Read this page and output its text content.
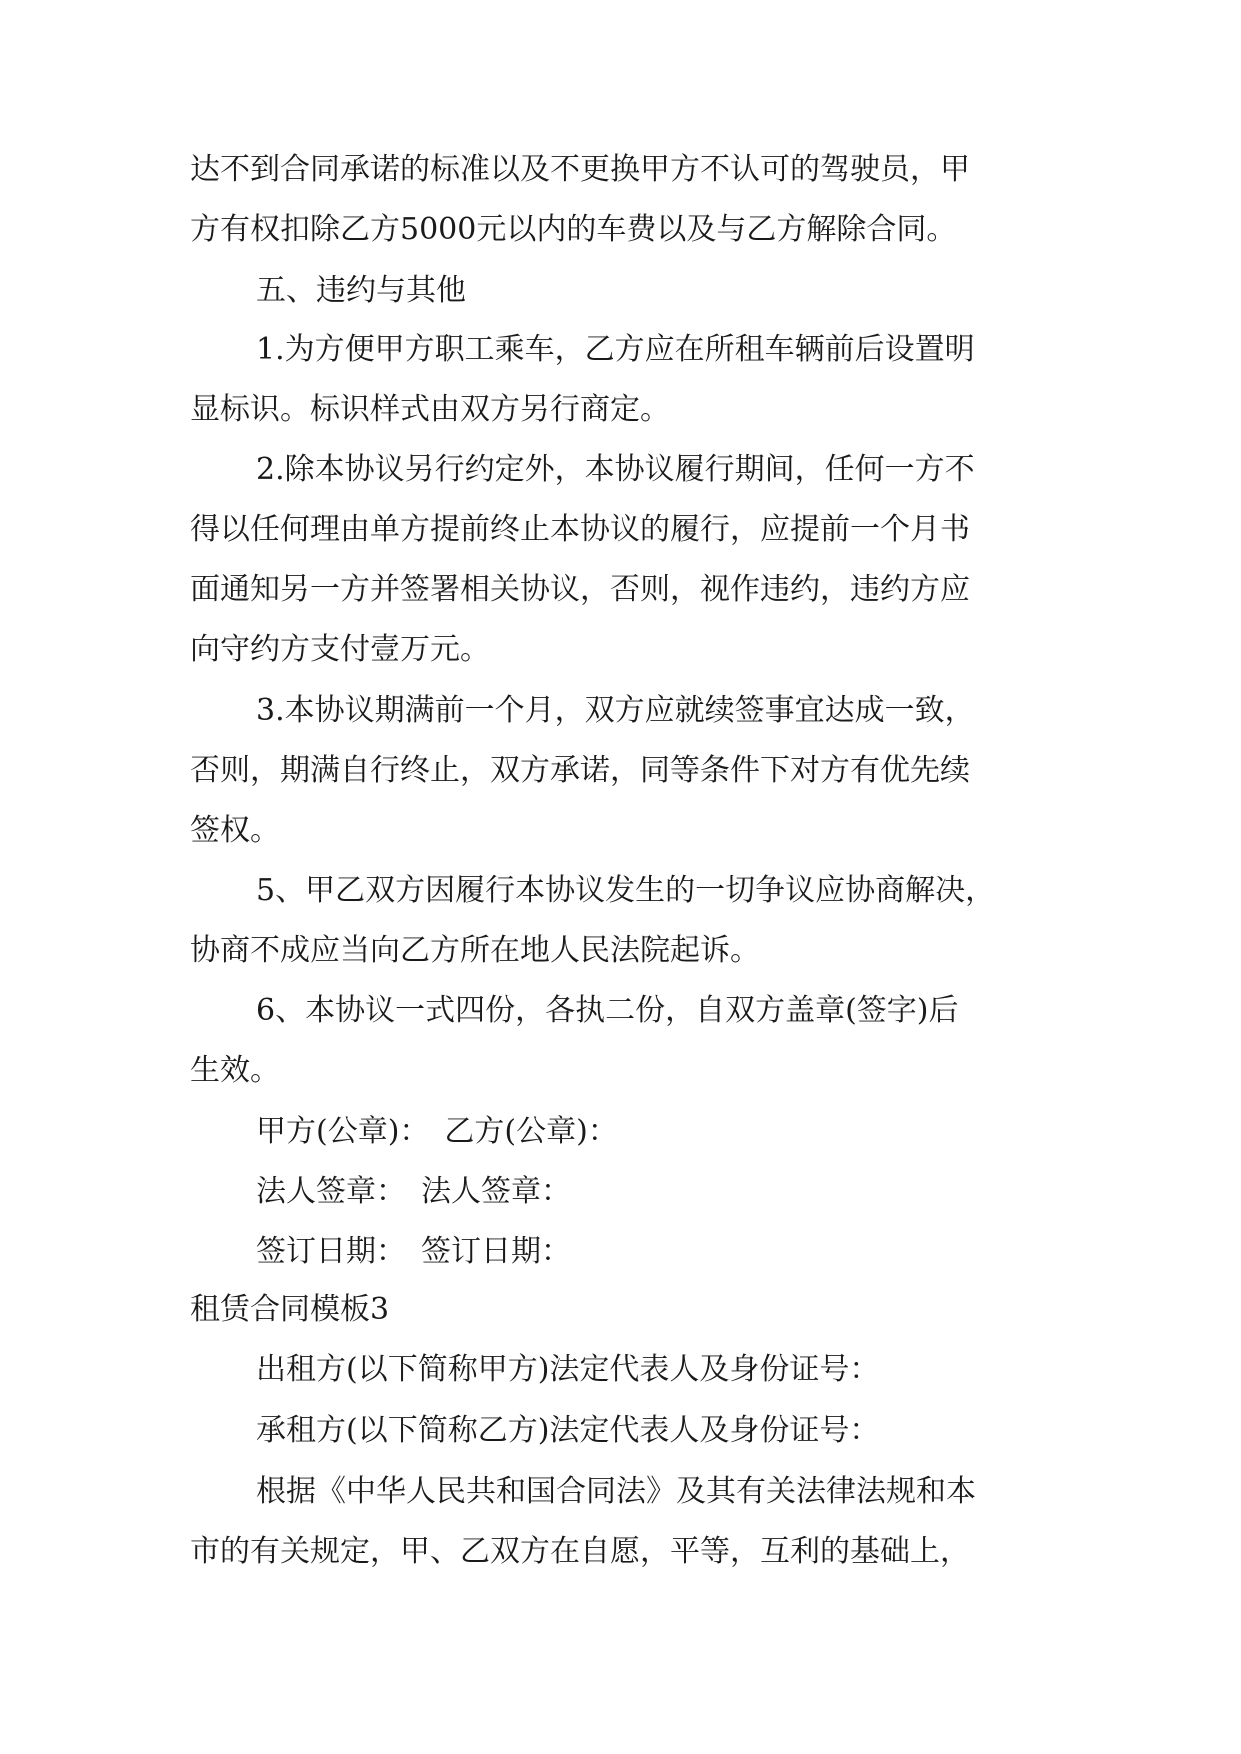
达不到合同承诺的标准以及不更换甲方不认可的驾驶员，甲

方有权扣除乙方5000元以内的车费以及与乙方解除合同。

五、违约与其他

1.为方便甲方职工乘车，乙方应在所租车辆前后设置明

显标识。标识样式由双方另行商定。

2.除本协议另行约定外，本协议履行期间，任何一方不

得以任何理由单方提前终止本协议的履行，应提前一个月书

面通知另一方并签署相关协议，否则，视作违约，违约方应

向守约方支付壹万元。

3.本协议期满前一个月，双方应就续签事宜达成一致，

否则，期满自行终止，双方承诺，同等条件下对方有优先续

签权。

5、甲乙双方因履行本协议发生的一切争议应协商解决，

协商不成应当向乙方所在地人民法院起诉。

6、本协议一式四份，各执二份，自双方盖章(签字)后

生效。

甲方(公章)：　乙方(公章)：

法人签章：　法人签章：

签订日期：　签订日期：

租赁合同模板3

出租方(以下简称甲方)法定代表人及身份证号：

承租方(以下简称乙方)法定代表人及身份证号：

根据《中华人民共和国合同法》及其有关法律法规和本

市的有关规定，甲、乙双方在自愿，平等，互利的基础上，
